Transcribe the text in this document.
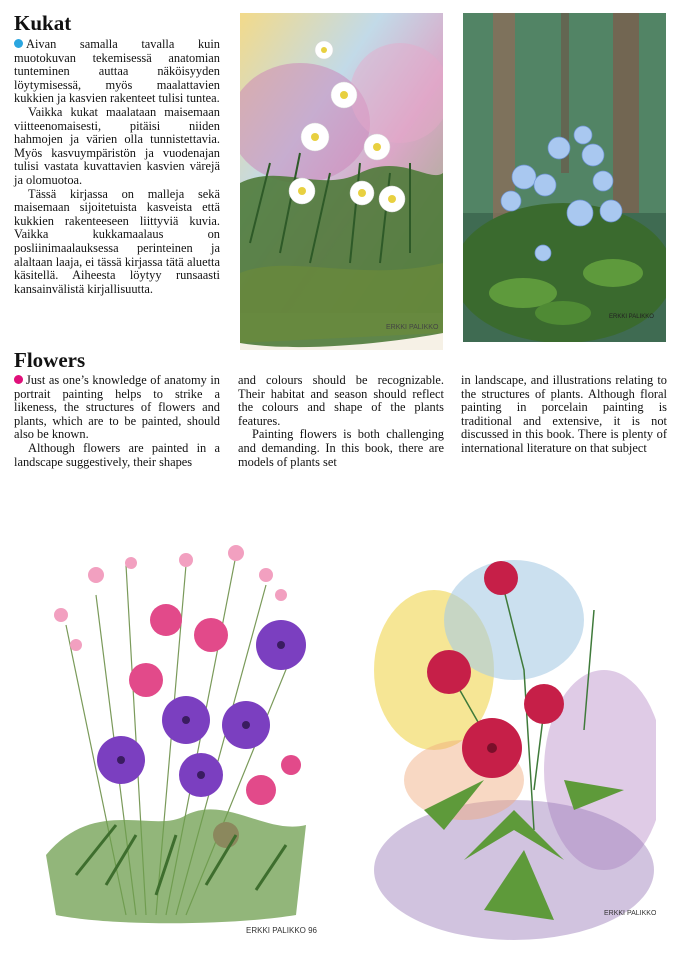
Kukat

Aivan samalla tavalla kuin muotokuvan tekemisessä anatomian tunteminen auttaa näköisyyden löytymisessä, myös maalattavien kukkien ja kasvien rakenteet tulisi tuntea.

Vaikka kukat maalataan maisemaan viitteenomaisesti, pitäisi niiden hahmojen ja värien olla tunnistettavia. Myös kasvuympäristön ja vuodenajan tulisi vastata kuvattavien kasvien värejä ja olomuotoa.

Tässä kirjassa on malleja sekä maisemaan sijoitetuista kasveista että kukkien rakenteeseen liittyviä kuvia. Vaikka kukkamaalaus on posliinimaalauksessa perinteinen ja alaltaan laaja, ei tässä kirjassa tätä aluetta käsitellä. Aiheesta löytyy runsaasti kansainvälistä kirjallisuutta.

ERKKI PALIKKO
ERKKI PALIKKO
Flowers

Just as one’s knowledge of anatomy in portrait painting helps to strike a likeness, the structures of flowers and plants, which are to be painted, should also be known.

Although flowers are painted in a landscape suggestively, their shapes

and colours should be recognizable. Their habitat and season should reflect the colours and shape of the plants features.

Painting flowers is both challenging and demanding. In this book, there are models of plants set

in landscape, and illustrations relating to the structures of plants. Although floral painting in porcelain painting is traditional and extensive, it is not discussed in this book. There is plenty of international literature on that subject

ERKKI PALIKKO 96
ERKKI PALIKKO
